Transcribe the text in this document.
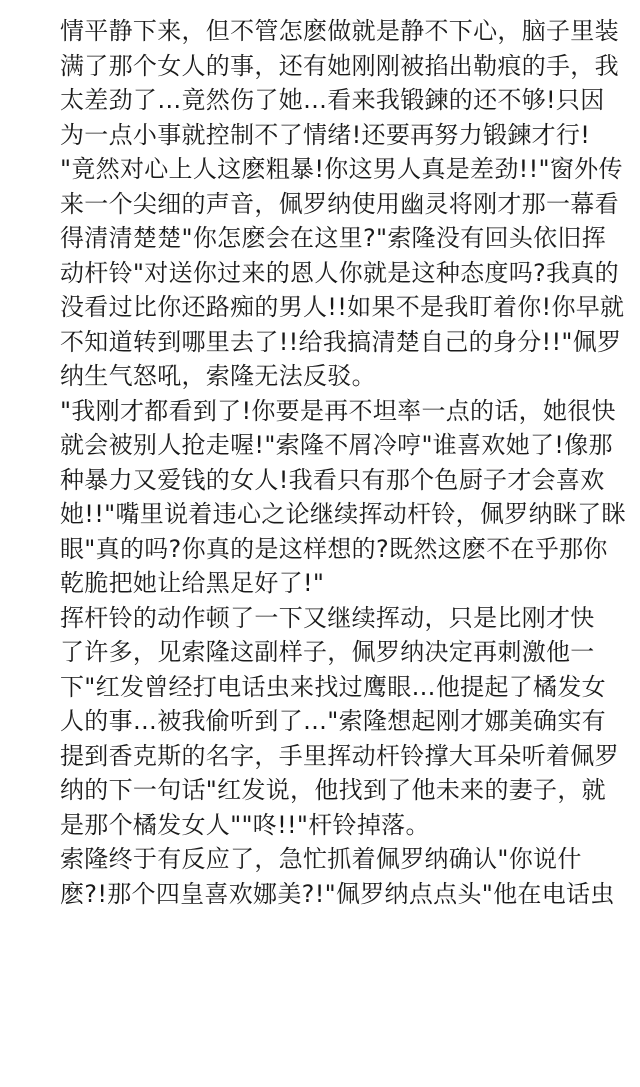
情平静下来，但不管怎麽做就是静不下心，脑子里装
满了那个女人的事，还有她刚刚被掐出勒痕的手，我
太差劲了…竟然伤了她…看来我锻鍊的还不够!只因
为一点小事就控制不了情绪!还要再努力锻鍊才行!

"竟然对心上人这麽粗暴!你这男人真是差劲!!"窗外传
来一个尖细的声音，佩罗纳使用幽灵将刚才那一幕看
得清清楚楚"你怎麽会在这里?"索隆没有回头依旧挥
动杆铃"对送你过来的恩人你就是这种态度吗?我真的
没看过比你还路痴的男人!!如果不是我盯着你!你早就
不知道转到哪里去了!!给我搞清楚自己的身分!!"佩罗
纳生气怒吼，索隆无法反驳。

"我刚才都看到了!你要是再不坦率一点的话，她很快
就会被别人抢走喔!"索隆不屑冷哼"谁喜欢她了!像那
种暴力又爱钱的女人!我看只有那个色厨子才会喜欢
她!!"嘴里说着违心之论继续挥动杆铃，佩罗纳眯了眯
眼"真的吗?你真的是这样想的?既然这麽不在乎那你
乾脆把她让给黑足好了!"

挥杆铃的动作顿了一下又继续挥动，只是比刚才快
了许多，见索隆这副样子，佩罗纳决定再刺激他一
下"红发曾经打电话虫来找过鹰眼…他提起了橘发女
人的事…被我偷听到了…"索隆想起刚才娜美确实有
提到香克斯的名字，手里挥动杆铃撑大耳朵听着佩罗
纳的下一句话"红发说，他找到了他未来的妻子，就
是那个橘发女人""咚!!"杆铃掉落。

索隆终于有反应了，急忙抓着佩罗纳确认"你说什
麽?!那个四皇喜欢娜美?!"佩罗纳点点头"他在电话虫
